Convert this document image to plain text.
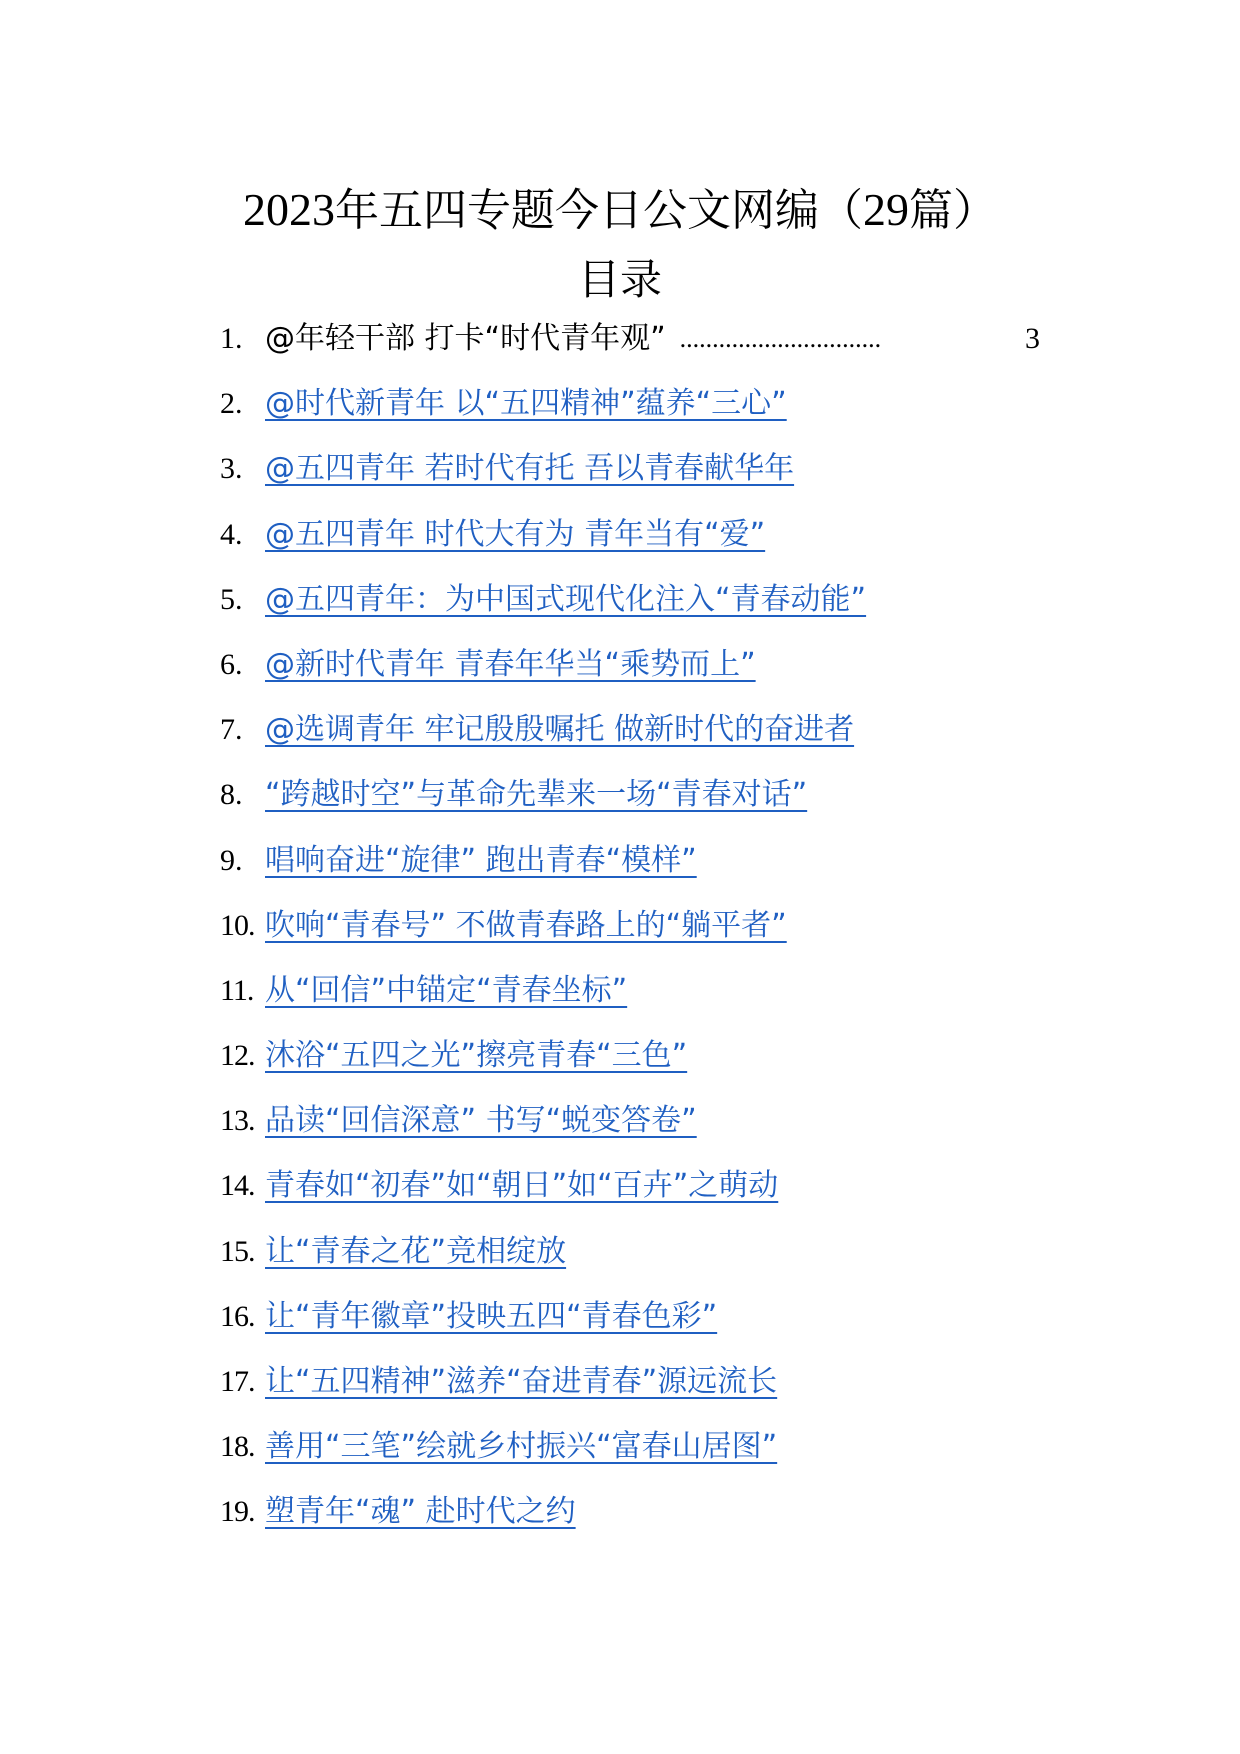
2023年五四专题今日公文网编（29篇）
目录
1. @年轻干部 打卡“时代青年观” ...............................	3
2. @时代新青年 以“五四精神”蕴养“三心”
3. @五四青年 若时代有托 吾以青春献华年
4. @五四青年 时代大有为 青年当有“爱”
5. @五四青年：为中国式现代化注入“青春动能”
6. @新时代青年 青春年华当“乘势而上”
7. @选调青年 牢记殷殷嘱托 做新时代的奋进者
8. “跨越时空”与革命先辈来一场“青春对话”
9. 唱响奋进“旋律” 跑出青春“模样”
10. 吹响“青春号” 不做青春路上的“躺平者”
11. 从“回信”中锚定“青春坐标”
12. 沐浴“五四之光”擦亮青春“三色”
13. 品读“回信深意” 书写“蜕变答卷”
14. 青春如“初春”如“朝日”如“百卉”之萌动
15. 让“青春之花”竞相绽放
16. 让“青年徽章”投映五四“青春色彩”
17. 让“五四精神”滋养“奋进青春”源远流长
18. 善用“三笔”绘就乡村振兴“富春山居图”
19. 塑青年“魂” 赴时代之约
